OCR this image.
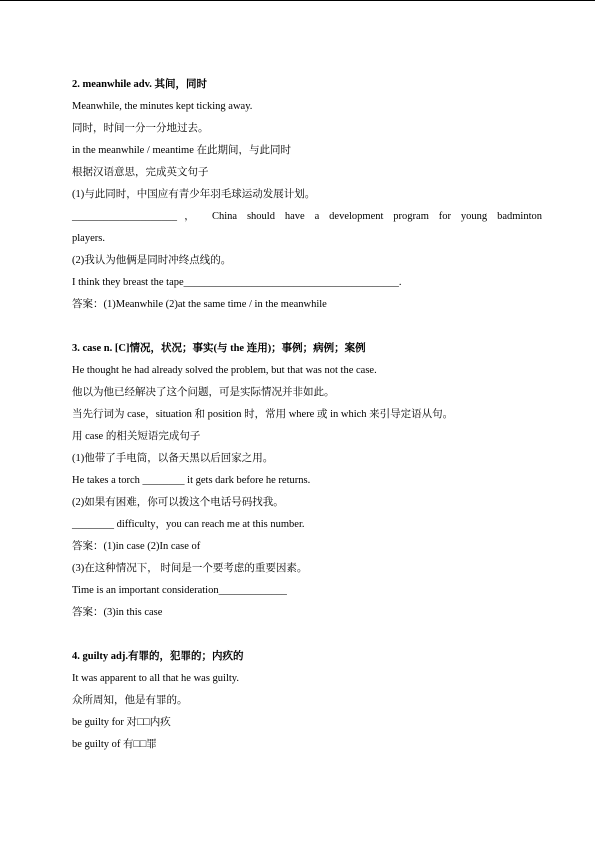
2. meanwhile adv. 其间，同时
Meanwhile, the minutes kept ticking away.
同时，时间一分一分地过去。
in the meanwhile / meantime 在此期间，与此同时
根据汉语意思，完成英文句子
(1)与此同时，中国应有青少年羽毛球运动发展计划。
____________________， China should have a development program for young badminton
players.
(2)我认为他俩是同时冲终点线的。
I think they breast the tape_________________________________________.
答案：(1)Meanwhile (2)at the same time / in the meanwhile
3. case n. [C]情况，状况；事实(与 the 连用)；事例；病例；案例
He thought he had already solved the problem, but that was not the case.
他以为他已经解决了这个问题，可是实际情况并非如此。
当先行词为 case，situation 和 position 时，常用 where 或 in which 来引导定语从句。
用 case 的相关短语完成句子
(1)他带了手电筒，以备天黑以后回家之用。
He takes a torch ________ it gets dark before he returns.
(2)如果有困难，你可以拨这个电话号码找我。
________ difficulty，you can reach me at this number.
答案：(1)in case (2)In case of
(3)在这种情况下， 时间是一个要考虑的重要因素。
Time is an important consideration_____________
答案：(3)in this case
4. guilty adj.有罪的，犯罪的；内疚的
It was apparent to all that he was guilty.
众所周知，他是有罪的。
be guilty for 对□□内疚
be guilty of 有□□罪
